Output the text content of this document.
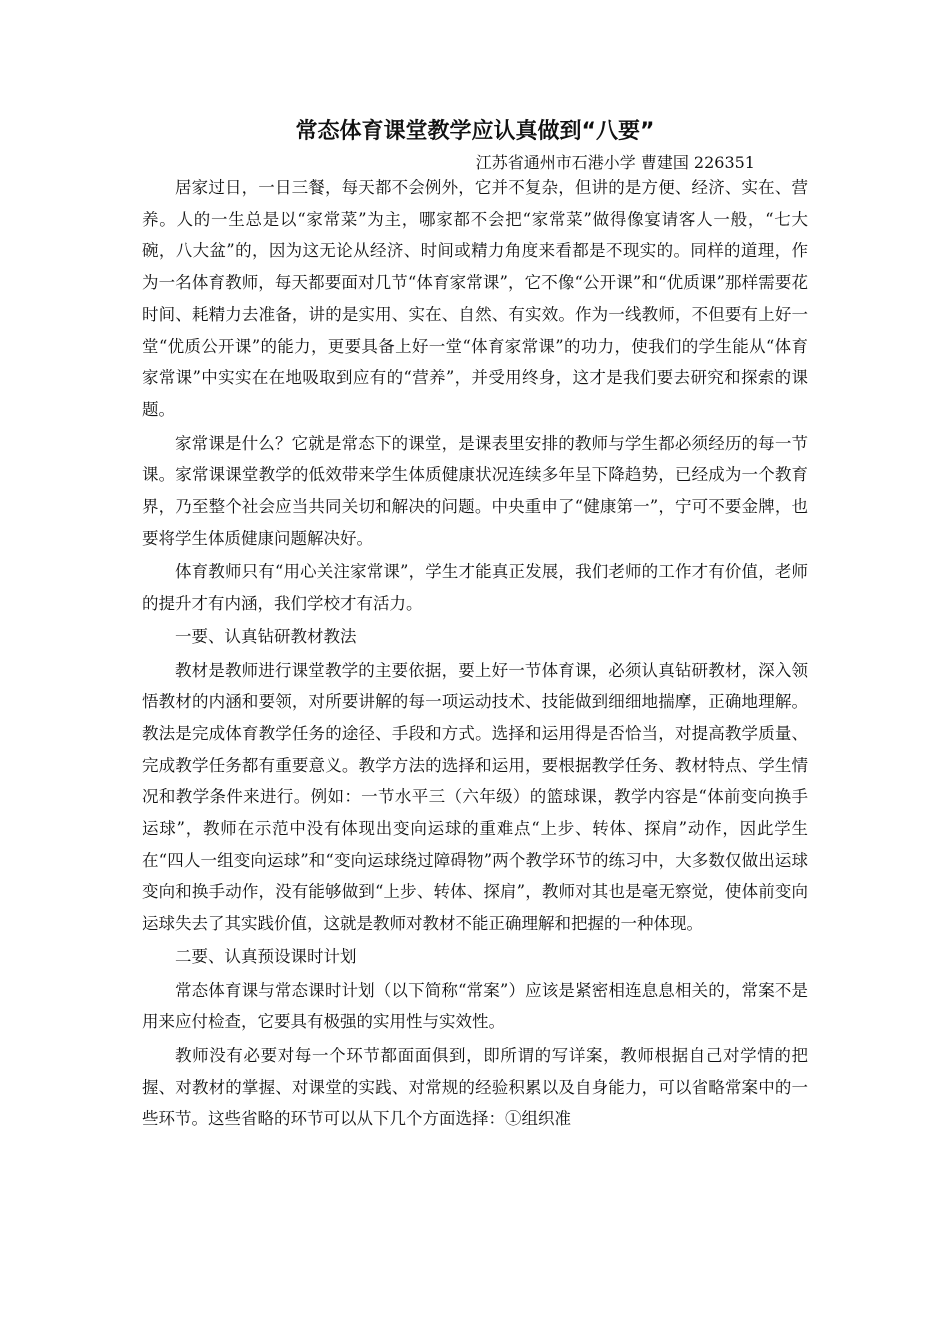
常态体育课堂教学应认真做到“八要”

江苏省通州市石港小学 曹建国 226351

居家过日，一日三餐，每天都不会例外，它并不复杂，但讲的是方便、经济、实在、营养。人的一生总是以“家常菜”为主，哪家都不会把“家常菜”做得像宴请客人一般，“七大碗，八大盆”的，因为这无论从经济、时间或精力角度来看都是不现实的。同样的道理，作为一名体育教师，每天都要面对几节“体育家常课”，它不像“公开课”和“优质课”那样需要花时间、耗精力去准备，讲的是实用、实在、自然、有实效。作为一线教师，不但要有上好一堂“优质公开课”的能力，更要具备上好一堂“体育家常课”的功力，使我们的学生能从“体育家常课”中实实在在地吸取到应有的“营养”，并受用终身，这才是我们要去研究和探索的课题。

家常课是什么？它就是常态下的课堂，是课表里安排的教师与学生都必须经历的每一节课。家常课课堂教学的低效带来学生体质健康状况连续多年呈下降趋势，已经成为一个教育界，乃至整个社会应当共同关切和解决的问题。中央重申了“健康第一”，宁可不要金牌，也要将学生体质健康问题解决好。

体育教师只有“用心关注家常课”，学生才能真正发展，我们老师的工作才有价值，老师的提升才有内涵，我们学校才有活力。

一要、认真钻研教材教法

教材是教师进行课堂教学的主要依据，要上好一节体育课，必须认真钻研教材，深入领悟教材的内涵和要领，对所要讲解的每一项运动技术、技能做到细细地揣摩，正确地理解。教法是完成体育教学任务的途径、手段和方式。选择和运用得是否恰当，对提高教学质量、完成教学任务都有重要意义。教学方法的选择和运用，要根据教学任务、教材特点、学生情况和教学条件来进行。例如：一节水平三（六年级）的篮球课，教学内容是“体前变向换手运球”，教师在示范中没有体现出变向运球的重难点“上步、转体、探肩”动作，因此学生在“四人一组变向运球”和“变向运球绕过障碍物”两个教学环节的练习中，大多数仅做出运球变向和换手动作，没有能够做到“上步、转体、探肩”，教师对其也是毫无察觉，使体前变向运球失去了其实践价值，这就是教师对教材不能正确理解和把握的一种体现。

二要、认真预设课时计划

常态体育课与常态课时计划（以下简称“常案”）应该是紧密相连息息相关的，常案不是用来应付检查，它要具有极强的实用性与实效性。

教师没有必要对每一个环节都面面俱到，即所谓的写详案，教师根据自己对学情的把握、对教材的掌握、对课堂的实践、对常规的经验积累以及自身能力，可以省略常案中的一些环节。这些省略的环节可以从下几个方面选择：①组织准
